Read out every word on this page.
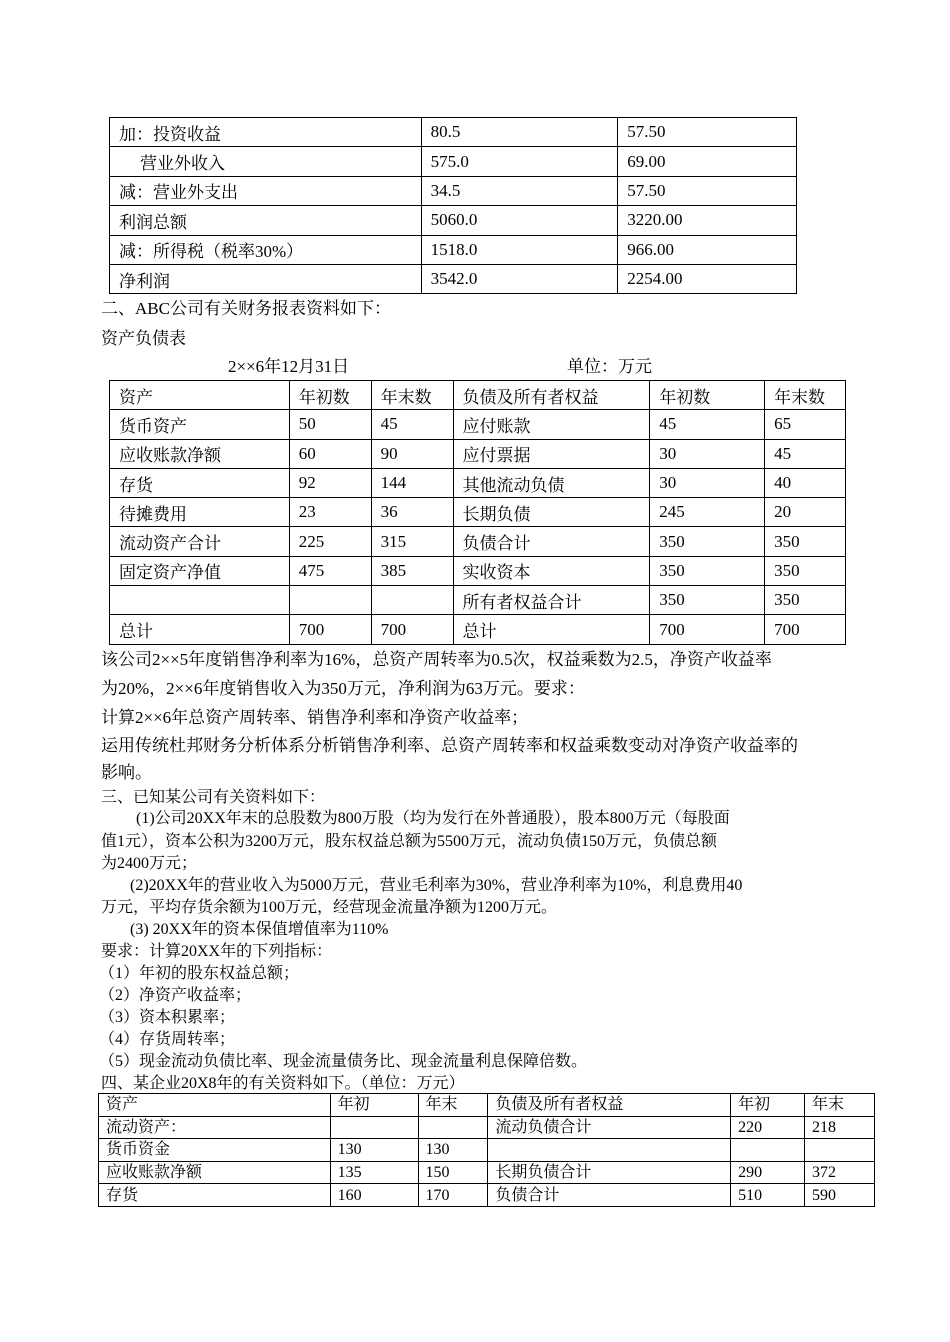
加：投资收益	80.5	57.50
营业外收入	575.0	69.00
减：营业外支出	34.5	57.50
利润总额	5060.0	3220.00
减：所得税（税率30%）	1518.0	966.00
净利润	3542.0	2254.00
二、ABC公司有关财务报表资料如下：
资产负债表
2××6年12月31日	单位：万元
资产	年初数	年末数	负债及所有者权益	年初数	年末数
货币资产	50	45	应付账款	45	65
应收账款净额	60	90	应付票据	30	45
存货	92	144	其他流动负债	30	40
待摊费用	23	36	长期负债	245	20
流动资产合计	225	315	负债合计	350	350
固定资产净值	475	385	实收资本	350	350
			所有者权益合计	350	350
总计	700	700	总计	700	700
该公司2××5年度销售净利率为16%，总资产周转率为0.5次，权益乘数为2.5，净资产收益率
为20%，2××6年度销售收入为350万元，净利润为63万元。要求：
计算2××6年总资产周转率、销售净利率和净资产收益率；
运用传统杜邦财务分析体系分析销售净利率、总资产周转率和权益乘数变动对净资产收益率的
影响。
三、已知某公司有关资料如下：
(1)公司20XX年末的总股数为800万股（均为发行在外普通股），股本800万元（每股面
值1元），资本公积为3200万元，股东权益总额为5500万元，流动负债150万元，负债总额
为2400万元；
(2)20XX年的营业收入为5000万元，营业毛利率为30%，营业净利率为10%，利息费用40
万元，平均存货余额为100万元，经营现金流量净额为1200万元。
(3) 20XX年的资本保值增值率为110%
要求：计算20XX年的下列指标：
（1）年初的股东权益总额；
（2）净资产收益率；
（3）资本积累率；
（4）存货周转率；
（5）现金流动负债比率、现金流量债务比、现金流量利息保障倍数。
四、某企业20X8年的有关资料如下。（单位：万元）
资产	年初	年末	负债及所有者权益	年初	年末
流动资产：			流动负债合计	220	218
货币资金	130	130			
应收账款净额	135	150	长期负债合计	290	372
存货	160	170	负债合计	510	590
